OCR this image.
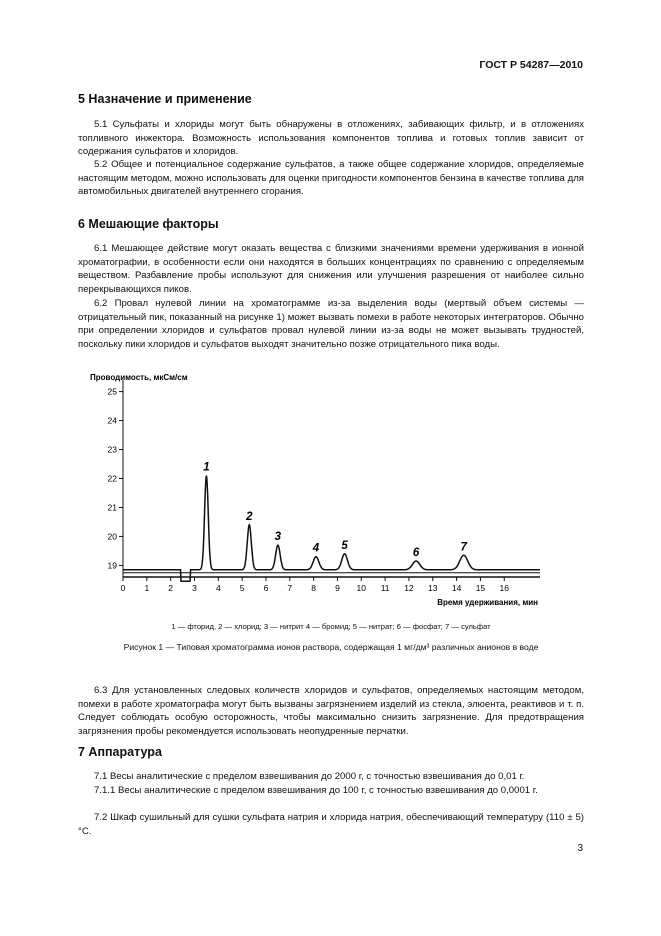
ГОСТ Р 54287—2010
5 Назначение и применение
5.1 Сульфаты и хлориды могут быть обнаружены в отложениях, забивающих фильтр, и в отложениях топливного инжектора. Возможность использования компонентов топлива и готовых топлив зависит от содержания сульфатов и хлоридов.
5.2 Общее и потенциальное содержание сульфатов, а также общее содержание хлоридов, определяемые настоящим методом, можно использовать для оценки пригодности компонентов бензина в качестве топлива для автомобильных двигателей внутреннего сгорания.
6 Мешающие факторы
6.1 Мешающее действие могут оказать вещества с близкими значениями времени удерживания в ионной хроматографии, в особенности если они находятся в больших концентрациях по сравнению с определяемым веществом. Разбавление пробы используют для снижения или улучшения разрешения от наиболее сильно перекрывающихся пиков.
6.2 Провал нулевой линии на хроматограмме из-за выделения воды (мертвый объем системы — отрицательный пик, показанный на рисунке 1) может вызвать помехи в работе некоторых интеграторов. Обычно при определении хлоридов и сульфатов провал нулевой линии из-за воды не может вызывать трудностей, поскольку пики хлоридов и сульфатов выходят значительно позже отрицательного пика воды.
19
20
21
22
23
24
25
0 1 2 3 4 5 6 7 8 9 10 11 12 13 14 15 16
Проводимость, мкСм/см
Время удерживания, мин
1
2
3
4 5
6	7
1 — фторид, 2 — хлорид; 3 — нитрит 4 — бромид; 5 — нитрат; 6 — фосфат; 7 — сульфат
Рисунок 1 — Типовая хроматограмма ионов раствора, содержащая 1 мг/дм³ различных анионов в воде
6.3 Для установленных следовых количеств хлоридов и сульфатов, определяемых настоящим методом, помехи в работе хроматографа могут быть вызваны загрязнением изделий из стекла, элюента, реактивов и т. п. Следует соблюдать особую осторожность, чтобы максимально снизить загрязнение. Для предотвращения загрязнения пробы рекомендуется использовать неопудренные перчатки.
7 Аппаратура
7.1 Весы аналитические с пределом взвешивания до 2000 г, с точностью взвешивания до 0,01 г.
7.1.1 Весы аналитические с пределом взвешивания до 100 г, с точностью взвешивания до 0,0001 г.
7.2 Шкаф сушильный для сушки сульфата натрия и хлорида натрия, обеспечивающий температуру (110 ± 5) °C.
3
